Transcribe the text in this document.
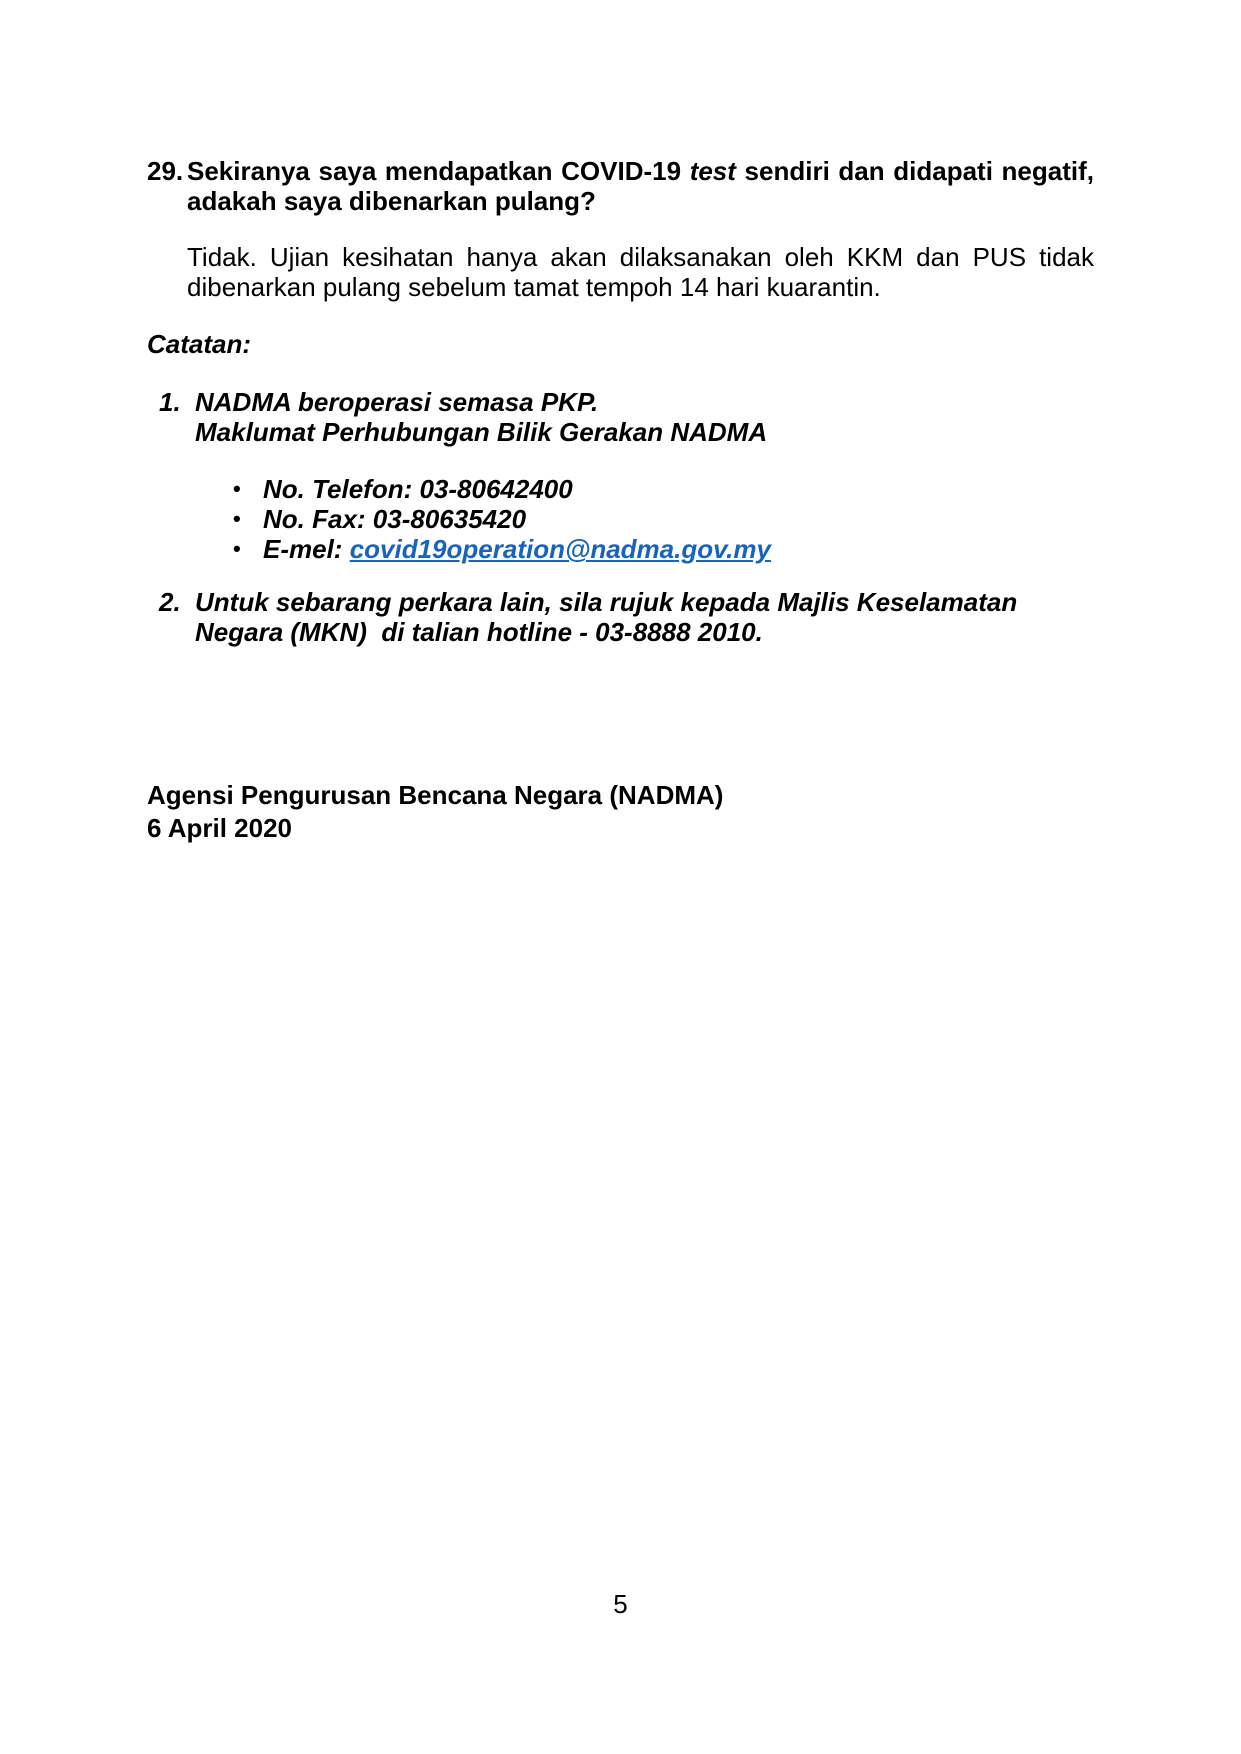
29. Sekiranya saya mendapatkan COVID-19 test sendiri dan didapati negatif,
adakah saya dibenarkan pulang?
Tidak. Ujian kesihatan hanya akan dilaksanakan oleh KKM dan PUS tidak
dibenarkan pulang sebelum tamat tempoh 14 hari kuarantin.
Catatan:
1. NADMA beroperasi semasa PKP.
Maklumat Perhubungan Bilik Gerakan NADMA
• No. Telefon: 03-80642400
• No. Fax: 03-80635420
• E-mel: covid19operation@nadma.gov.my
2. Untuk sebarang perkara lain, sila rujuk kepada Majlis Keselamatan
Negara (MKN)  di talian hotline - 03-8888 2010.
Agensi Pengurusan Bencana Negara (NADMA)
6 April 2020
5
